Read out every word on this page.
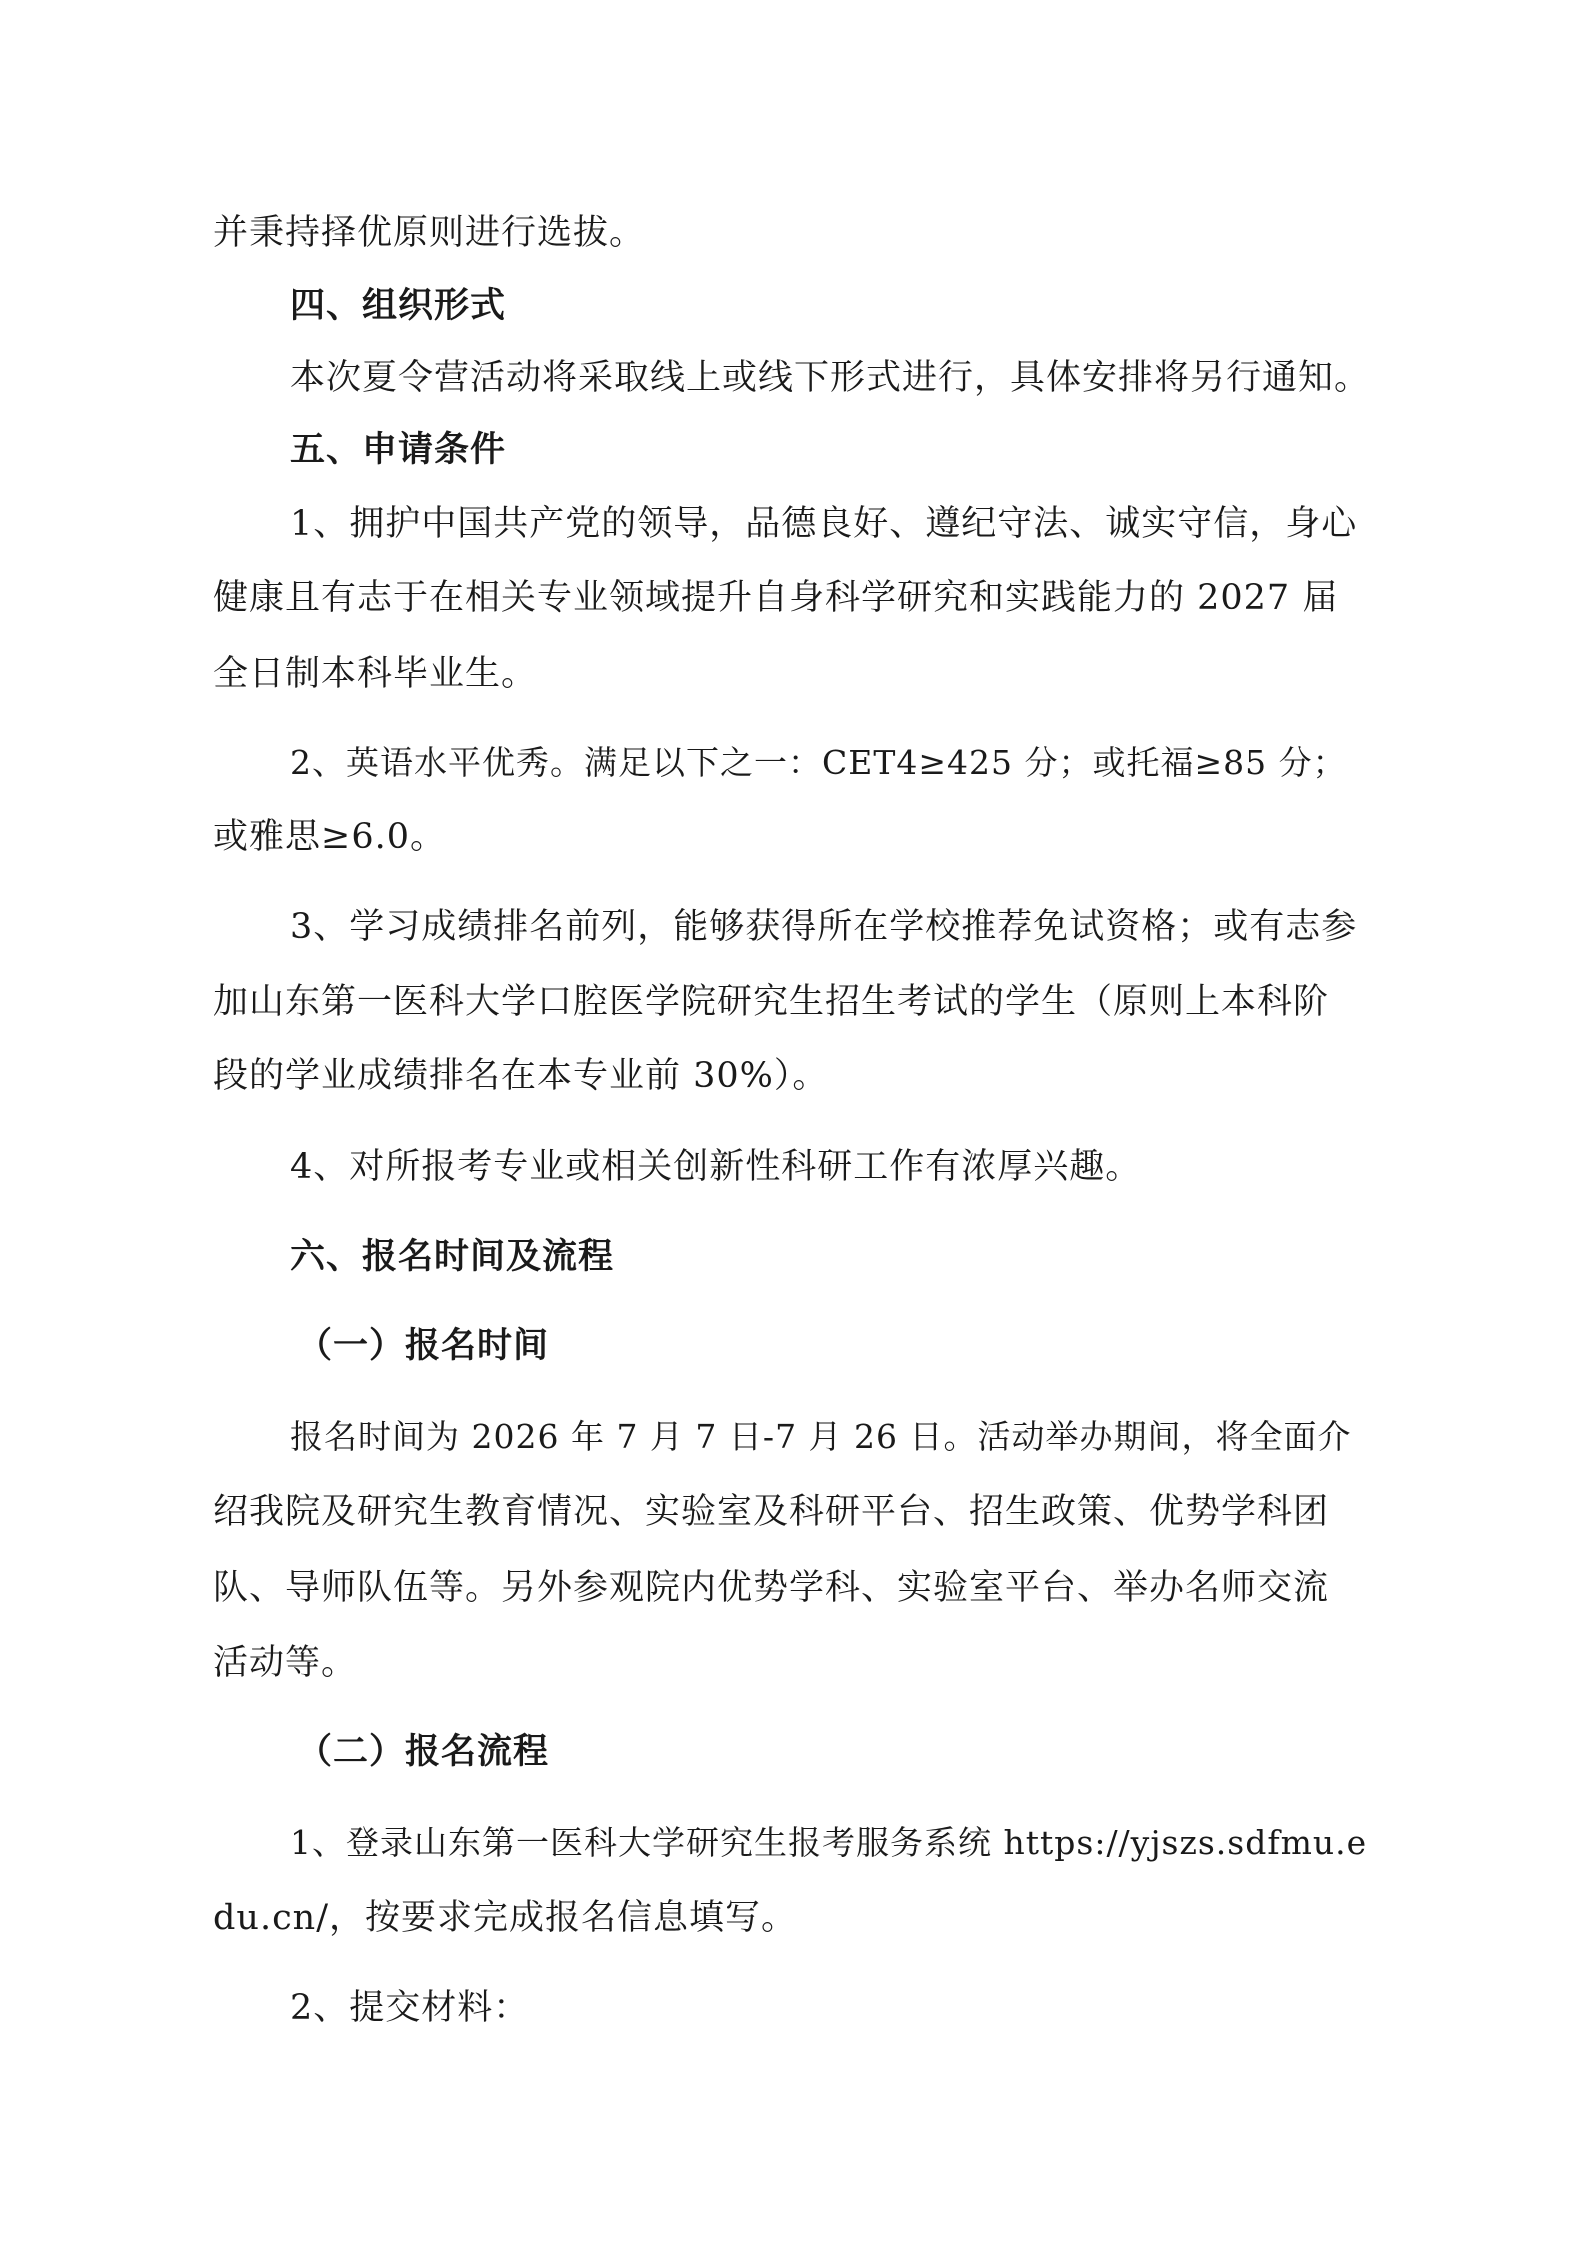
并秉持择优原则进行选拔。
四、组织形式
本次夏令营活动将采取线上或线下形式进行，具体安排将另行通知。
五、申请条件
1、拥护中国共产党的领导，品德良好、遵纪守法、诚实守信，身心
健康且有志于在相关专业领域提升自身科学研究和实践能力的 2027 届
全日制本科毕业生。
2、英语水平优秀。满足以下之一：CET4≥425 分；或托福≥85 分；
或雅思≥6.0。
3、学习成绩排名前列，能够获得所在学校推荐免试资格；或有志参
加山东第一医科大学口腔医学院研究生招生考试的学生（原则上本科阶
段的学业成绩排名在本专业前 30%）。
4、对所报考专业或相关创新性科研工作有浓厚兴趣。
六、报名时间及流程
（一）报名时间
报名时间为 2026 年 7 月 7 日-7 月 26 日。活动举办期间，将全面介
绍我院及研究生教育情况、实验室及科研平台、招生政策、优势学科团
队、导师队伍等。另外参观院内优势学科、实验室平台、举办名师交流
活动等。
（二）报名流程
1、登录山东第一医科大学研究生报考服务系统 https://yjszs.sdfmu.e
du.cn/，按要求完成报名信息填写。
2、提交材料：
